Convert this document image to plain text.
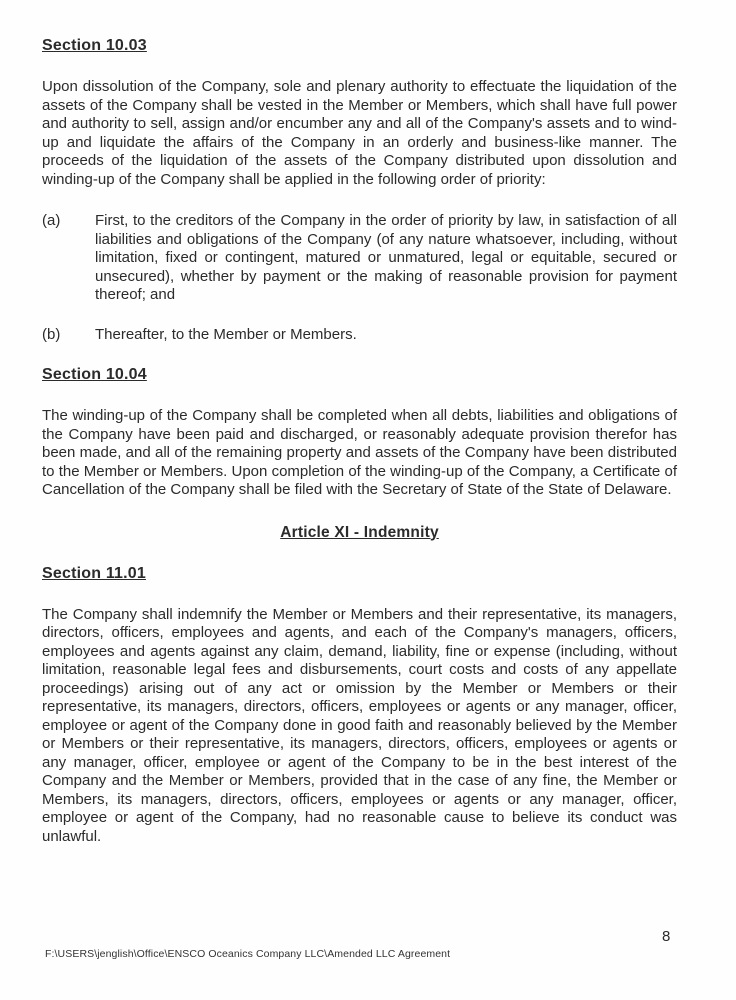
Section 10.03

Upon dissolution of the Company, sole and plenary authority to effectuate the liquidation of the assets of the Company shall be vested in the Member or Members, which shall have full power and authority to sell, assign and/or encumber any and all of the Company's assets and to wind-up and liquidate the affairs of the Company in an orderly and business-like manner. The proceeds of the liquidation of the assets of the Company distributed upon dissolution and winding-up of the Company shall be applied in the following order of priority:

(a) First, to the creditors of the Company in the order of priority by law, in satisfaction of all liabilities and obligations of the Company (of any nature whatsoever, including, without limitation, fixed or contingent, matured or unmatured, legal or equitable, secured or unsecured), whether by payment or the making of reasonable provision for payment thereof; and
(b) Thereafter, to the Member or Members.
Section 10.04

The winding-up of the Company shall be completed when all debts, liabilities and obligations of the Company have been paid and discharged, or reasonably adequate provision therefor has been made, and all of the remaining property and assets of the Company have been distributed to the Member or Members. Upon completion of the winding-up of the Company, a Certificate of Cancellation of the Company shall be filed with the Secretary of State of the State of Delaware.

Article XI - Indemnity
Section 11.01

The Company shall indemnify the Member or Members and their representative, its managers, directors, officers, employees and agents, and each of the Company's managers, officers, employees and agents against any claim, demand, liability, fine or expense (including, without limitation, reasonable legal fees and disbursements, court costs and costs of any appellate proceedings) arising out of any act or omission by the Member or Members or their representative, its managers, directors, officers, employees or agents or any manager, officer, employee or agent of the Company done in good faith and reasonably believed by the Member or Members or their representative, its managers, directors, officers, employees or agents or any manager, officer, employee or agent of the Company to be in the best interest of the Company and the Member or Members, provided that in the case of any fine, the Member or Members, its managers, directors, officers, employees or agents or any manager, officer, employee or agent of the Company, had no reasonable cause to believe its conduct was unlawful.

8
F:\USERS\jenglish\Office\ENSCO Oceanics Company LLC\Amended LLC Agreement
